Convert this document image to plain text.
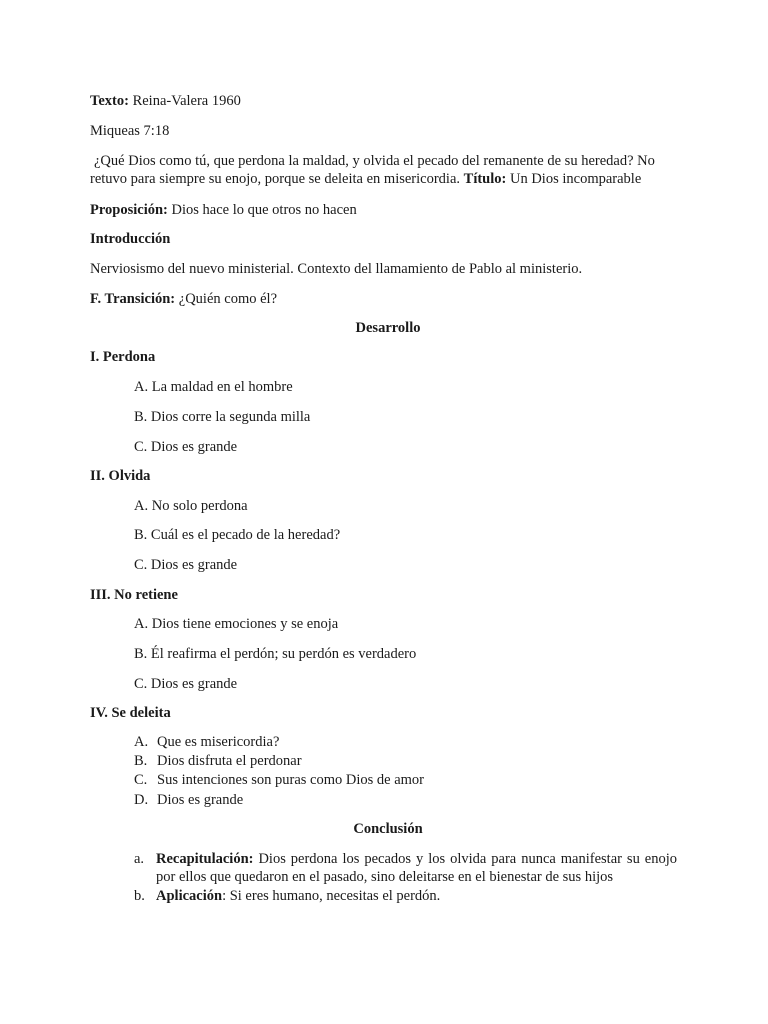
Texto: Reina-Valera 1960
Miqueas 7:18
¿Qué Dios como tú, que perdona la maldad, y olvida el pecado del remanente de su heredad? No retuvo para siempre su enojo, porque se deleita en misericordia. Título: Un Dios incomparable
Proposición: Dios hace lo que otros no hacen
Introducción
Nerviosismo del nuevo ministerial. Contexto del llamamiento de Pablo al ministerio.
F. Transición: ¿Quién como él?
Desarrollo
I. Perdona
A. La maldad en el hombre
B. Dios corre la segunda milla
C. Dios es grande
II. Olvida
A. No solo perdona
B. Cuál es el pecado de la heredad?
C. Dios es grande
III. No retiene
A. Dios tiene emociones y se enoja
B. Él reafirma el perdón; su perdón es verdadero
C. Dios es grande
IV. Se deleita
A. Que es misericordia?
B. Dios disfruta el perdonar
C. Sus intenciones son puras como Dios de amor
D. Dios es grande
Conclusión
a. Recapitulación: Dios perdona los pecados y los olvida para nunca manifestar su enojo por ellos que quedaron en el pasado, sino deleitarse en el bienestar de sus hijos
b. Aplicación: Si eres humano, necesitas el perdón.
